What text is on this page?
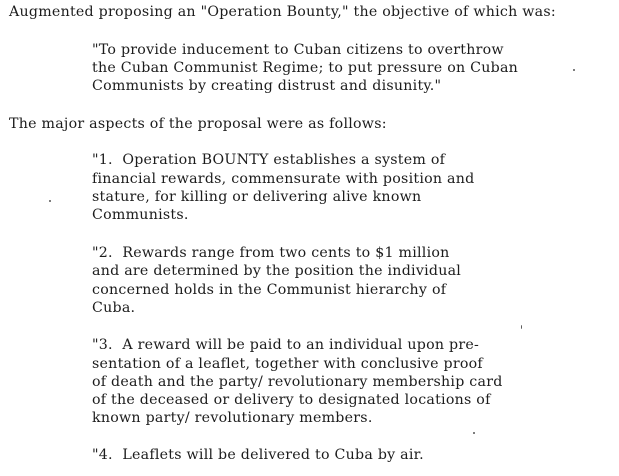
Augmented proposing an "Operation Bounty," the objective of which was:
"To provide inducement to Cuban citizens to overthrow
the Cuban Communist Regime; to put pressure on Cuban
Communists by creating distrust and disunity."
The major aspects of the proposal were as follows:
"1.  Operation BOUNTY establishes a system of
financial rewards, commensurate with position and
stature, for killing or delivering alive known
Communists.
"2.  Rewards range from two cents to $1 million
and are determined by the position the individual
concerned holds in the Communist hierarchy of
Cuba.
"3.  A reward will be paid to an individual upon pre-
sentation of a leaflet, together with conclusive proof
of death and the party/ revolutionary membership card
of the deceased or delivery to designated locations of
known party/ revolutionary members.
"4.  Leaflets will be delivered to Cuba by air.
